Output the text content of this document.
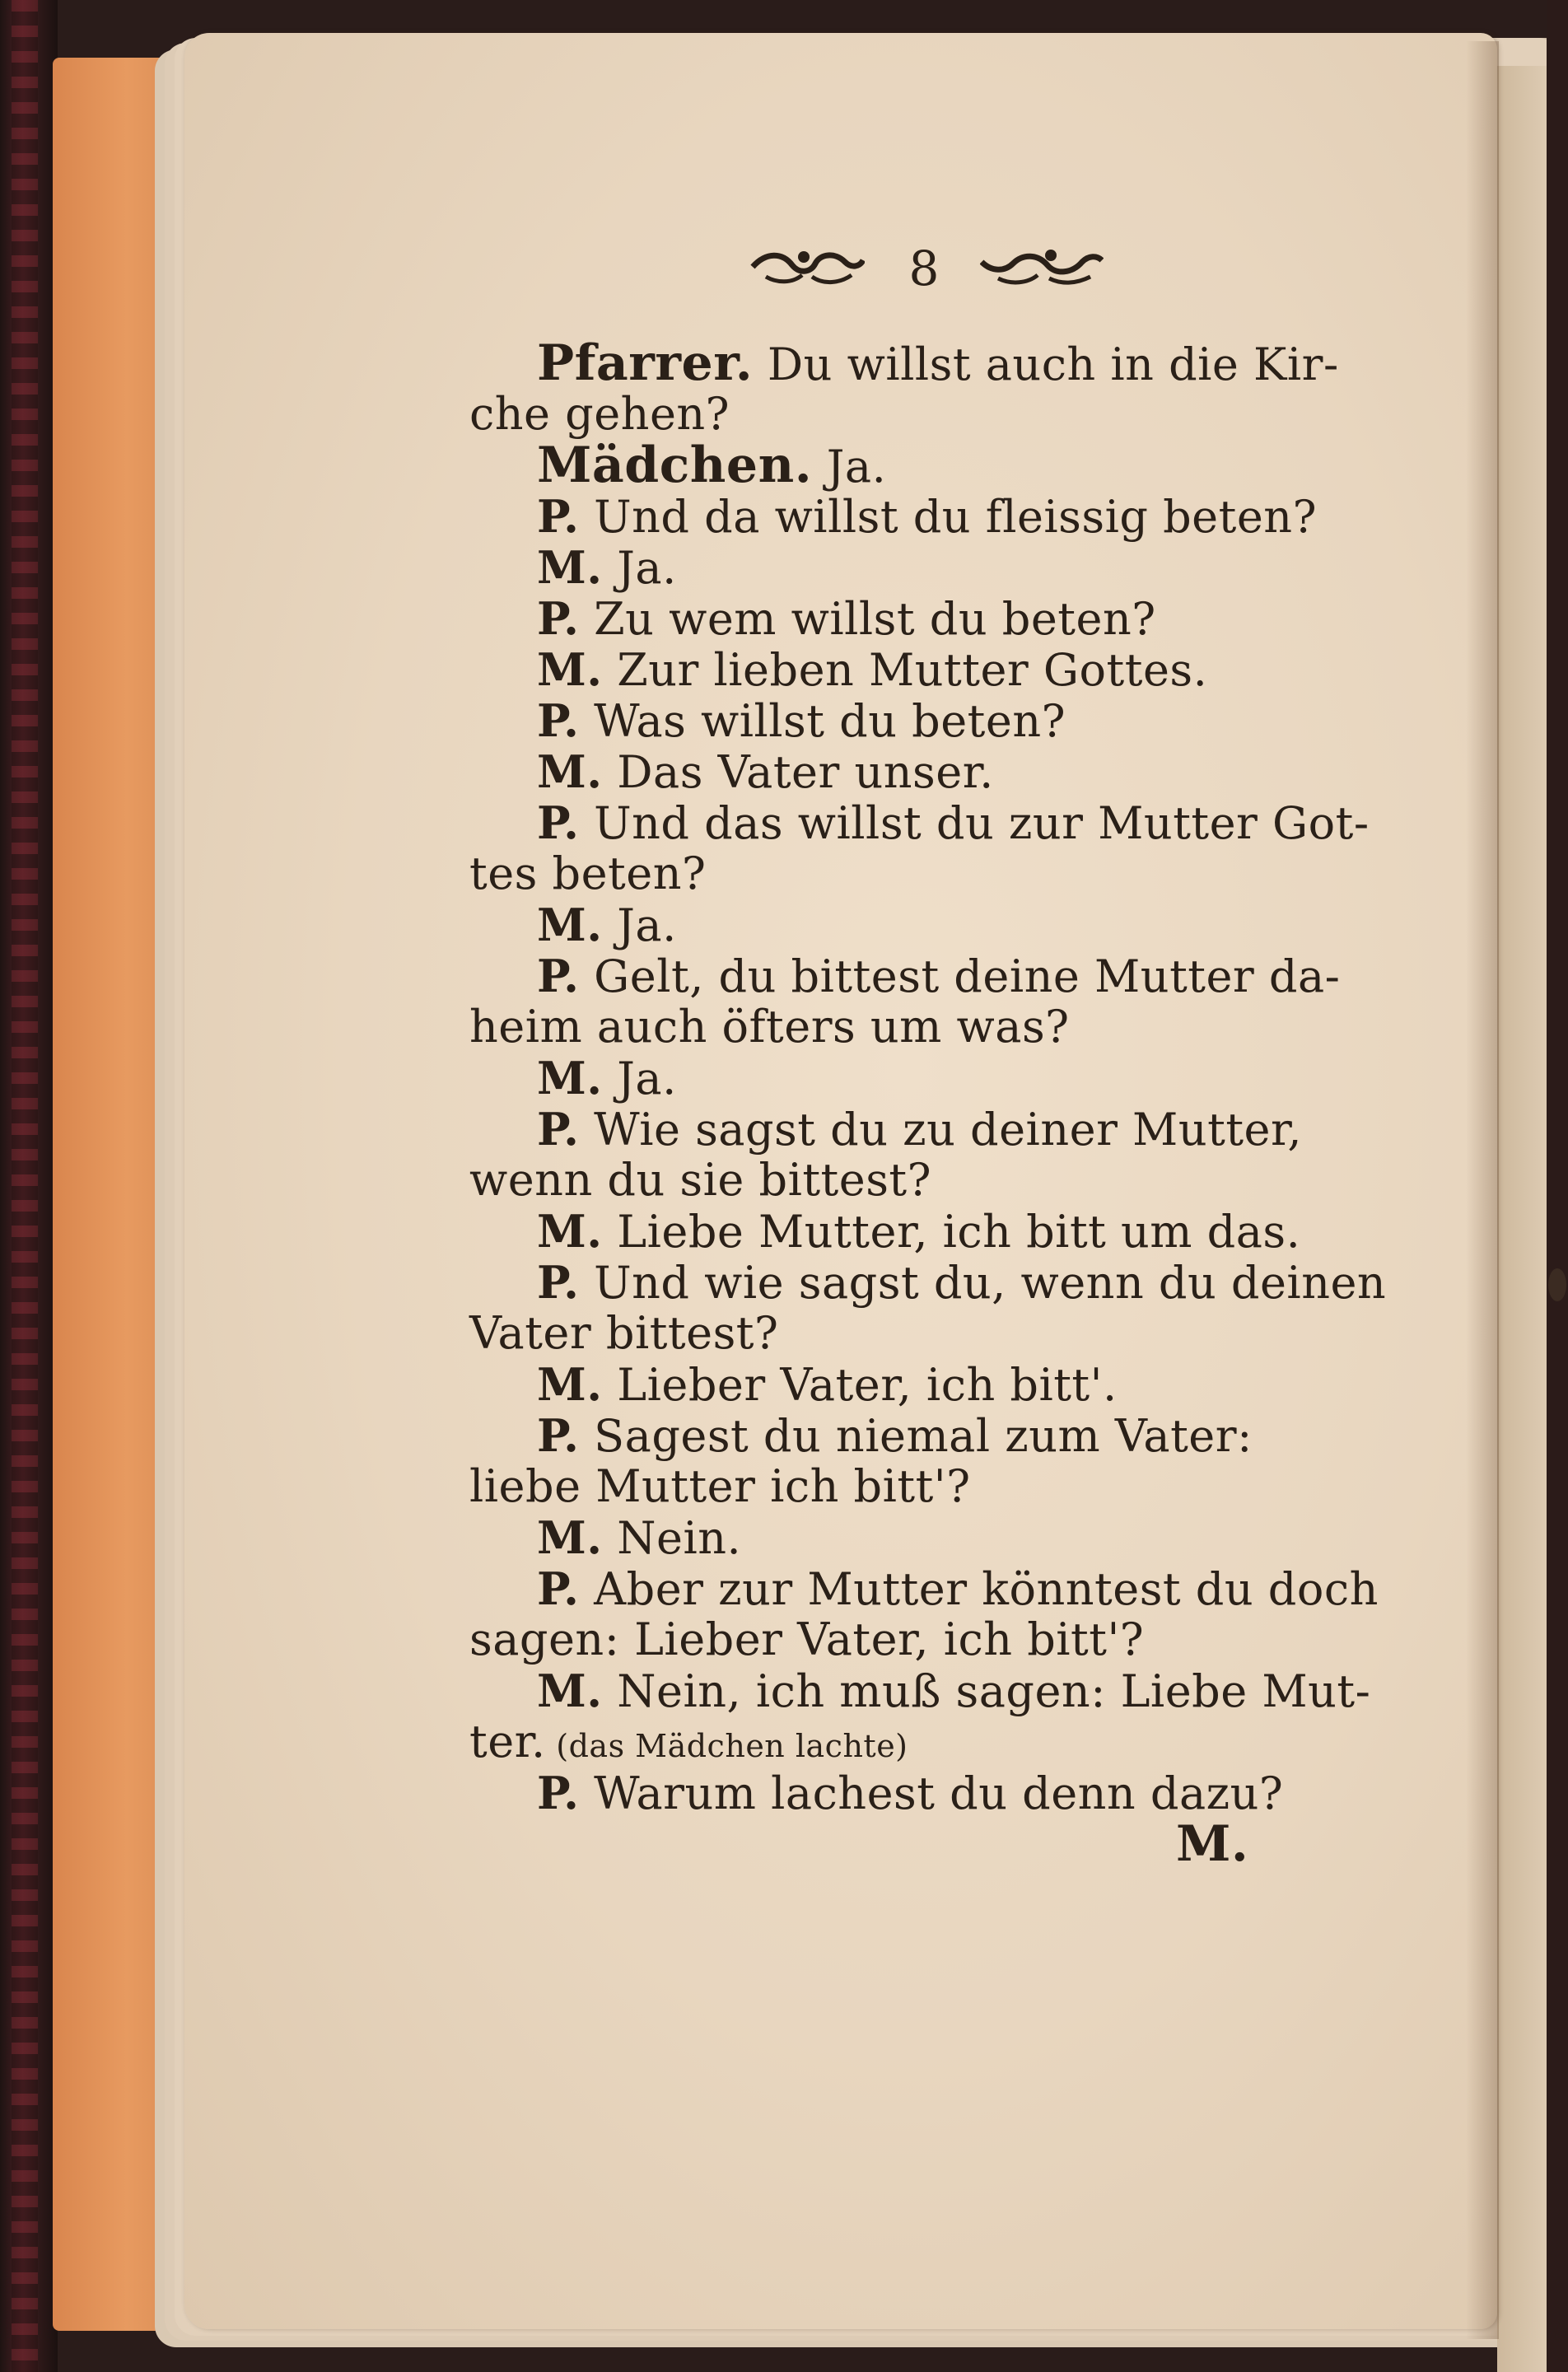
8
Pfarrer. Du willst auch in die Kir-
che gehen?
Mädchen. Ja.
P. Und da willst du fleissig beten?
M. Ja.
P. Zu wem willst du beten?
M. Zur lieben Mutter Gottes.
P. Was willst du beten?
M. Das Vater unser.
P. Und das willst du zur Mutter Got-
tes beten?
M. Ja.
P. Gelt, du bittest deine Mutter da-
heim auch öfters um was?
M. Ja.
P. Wie sagst du zu deiner Mutter,
wenn du sie bittest?
M. Liebe Mutter, ich bitt um das.
P. Und wie sagst du, wenn du deinen
Vater bittest?
M. Lieber Vater, ich bitt'.
P. Sagest du niemal zum Vater:
liebe Mutter ich bitt'?
M. Nein.
P. Aber zur Mutter könntest du doch
sagen: Lieber Vater, ich bitt'?
M. Nein, ich muß sagen: Liebe Mut-
ter. (das Mädchen lachte)
P. Warum lachest du denn dazu?
M.
